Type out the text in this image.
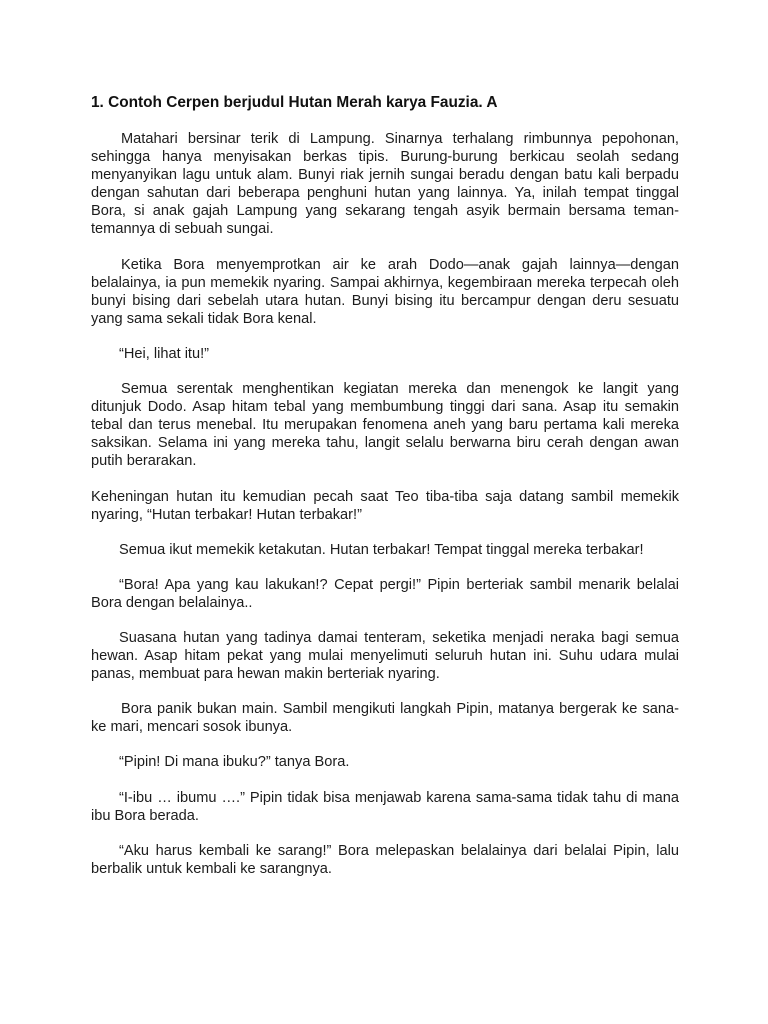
1. Contoh Cerpen berjudul Hutan Merah karya Fauzia. A

Matahari bersinar terik di Lampung. Sinarnya terhalang rimbunnya pepohonan, sehingga hanya menyisakan berkas tipis. Burung-burung berkicau seolah sedang menyanyikan lagu untuk alam. Bunyi riak jernih sungai beradu dengan batu kali berpadu dengan sahutan dari beberapa penghuni hutan yang lainnya. Ya, inilah tempat tinggal Bora, si anak gajah Lampung yang sekarang tengah asyik bermain bersama teman-temannya di sebuah sungai.

Ketika Bora menyemprotkan air ke arah Dodo—anak gajah lainnya—dengan belalainya, ia pun memekik nyaring. Sampai akhirnya, kegembiraan mereka terpecah oleh bunyi bising dari sebelah utara hutan. Bunyi bising itu bercampur dengan deru sesuatu yang sama sekali tidak Bora kenal.

“Hei, lihat itu!”

Semua serentak menghentikan kegiatan mereka dan menengok ke langit yang ditunjuk Dodo. Asap hitam tebal yang membumbung tinggi dari sana. Asap itu semakin tebal dan terus menebal. Itu merupakan fenomena aneh yang baru pertama kali mereka saksikan. Selama ini yang mereka tahu, langit selalu berwarna biru cerah dengan awan putih berarakan.

Keheningan hutan itu kemudian pecah saat Teo tiba-tiba saja datang sambil memekik nyaring, “Hutan terbakar! Hutan terbakar!”

Semua ikut memekik ketakutan. Hutan terbakar! Tempat tinggal mereka terbakar!

“Bora! Apa yang kau lakukan!? Cepat pergi!” Pipin berteriak sambil menarik belalai Bora dengan belalainya..

Suasana hutan yang tadinya damai tenteram, seketika menjadi neraka bagi semua hewan. Asap hitam pekat yang mulai menyelimuti seluruh hutan ini. Suhu udara mulai panas, membuat para hewan makin berteriak nyaring.

Bora panik bukan main. Sambil mengikuti langkah Pipin, matanya bergerak ke sana-ke mari, mencari sosok ibunya.

“Pipin! Di mana ibuku?” tanya Bora.

“I-ibu … ibumu ….” Pipin tidak bisa menjawab karena sama-sama tidak tahu di mana ibu Bora berada.

“Aku harus kembali ke sarang!” Bora melepaskan belalainya dari belalai Pipin, lalu berbalik untuk kembali ke sarangnya.
